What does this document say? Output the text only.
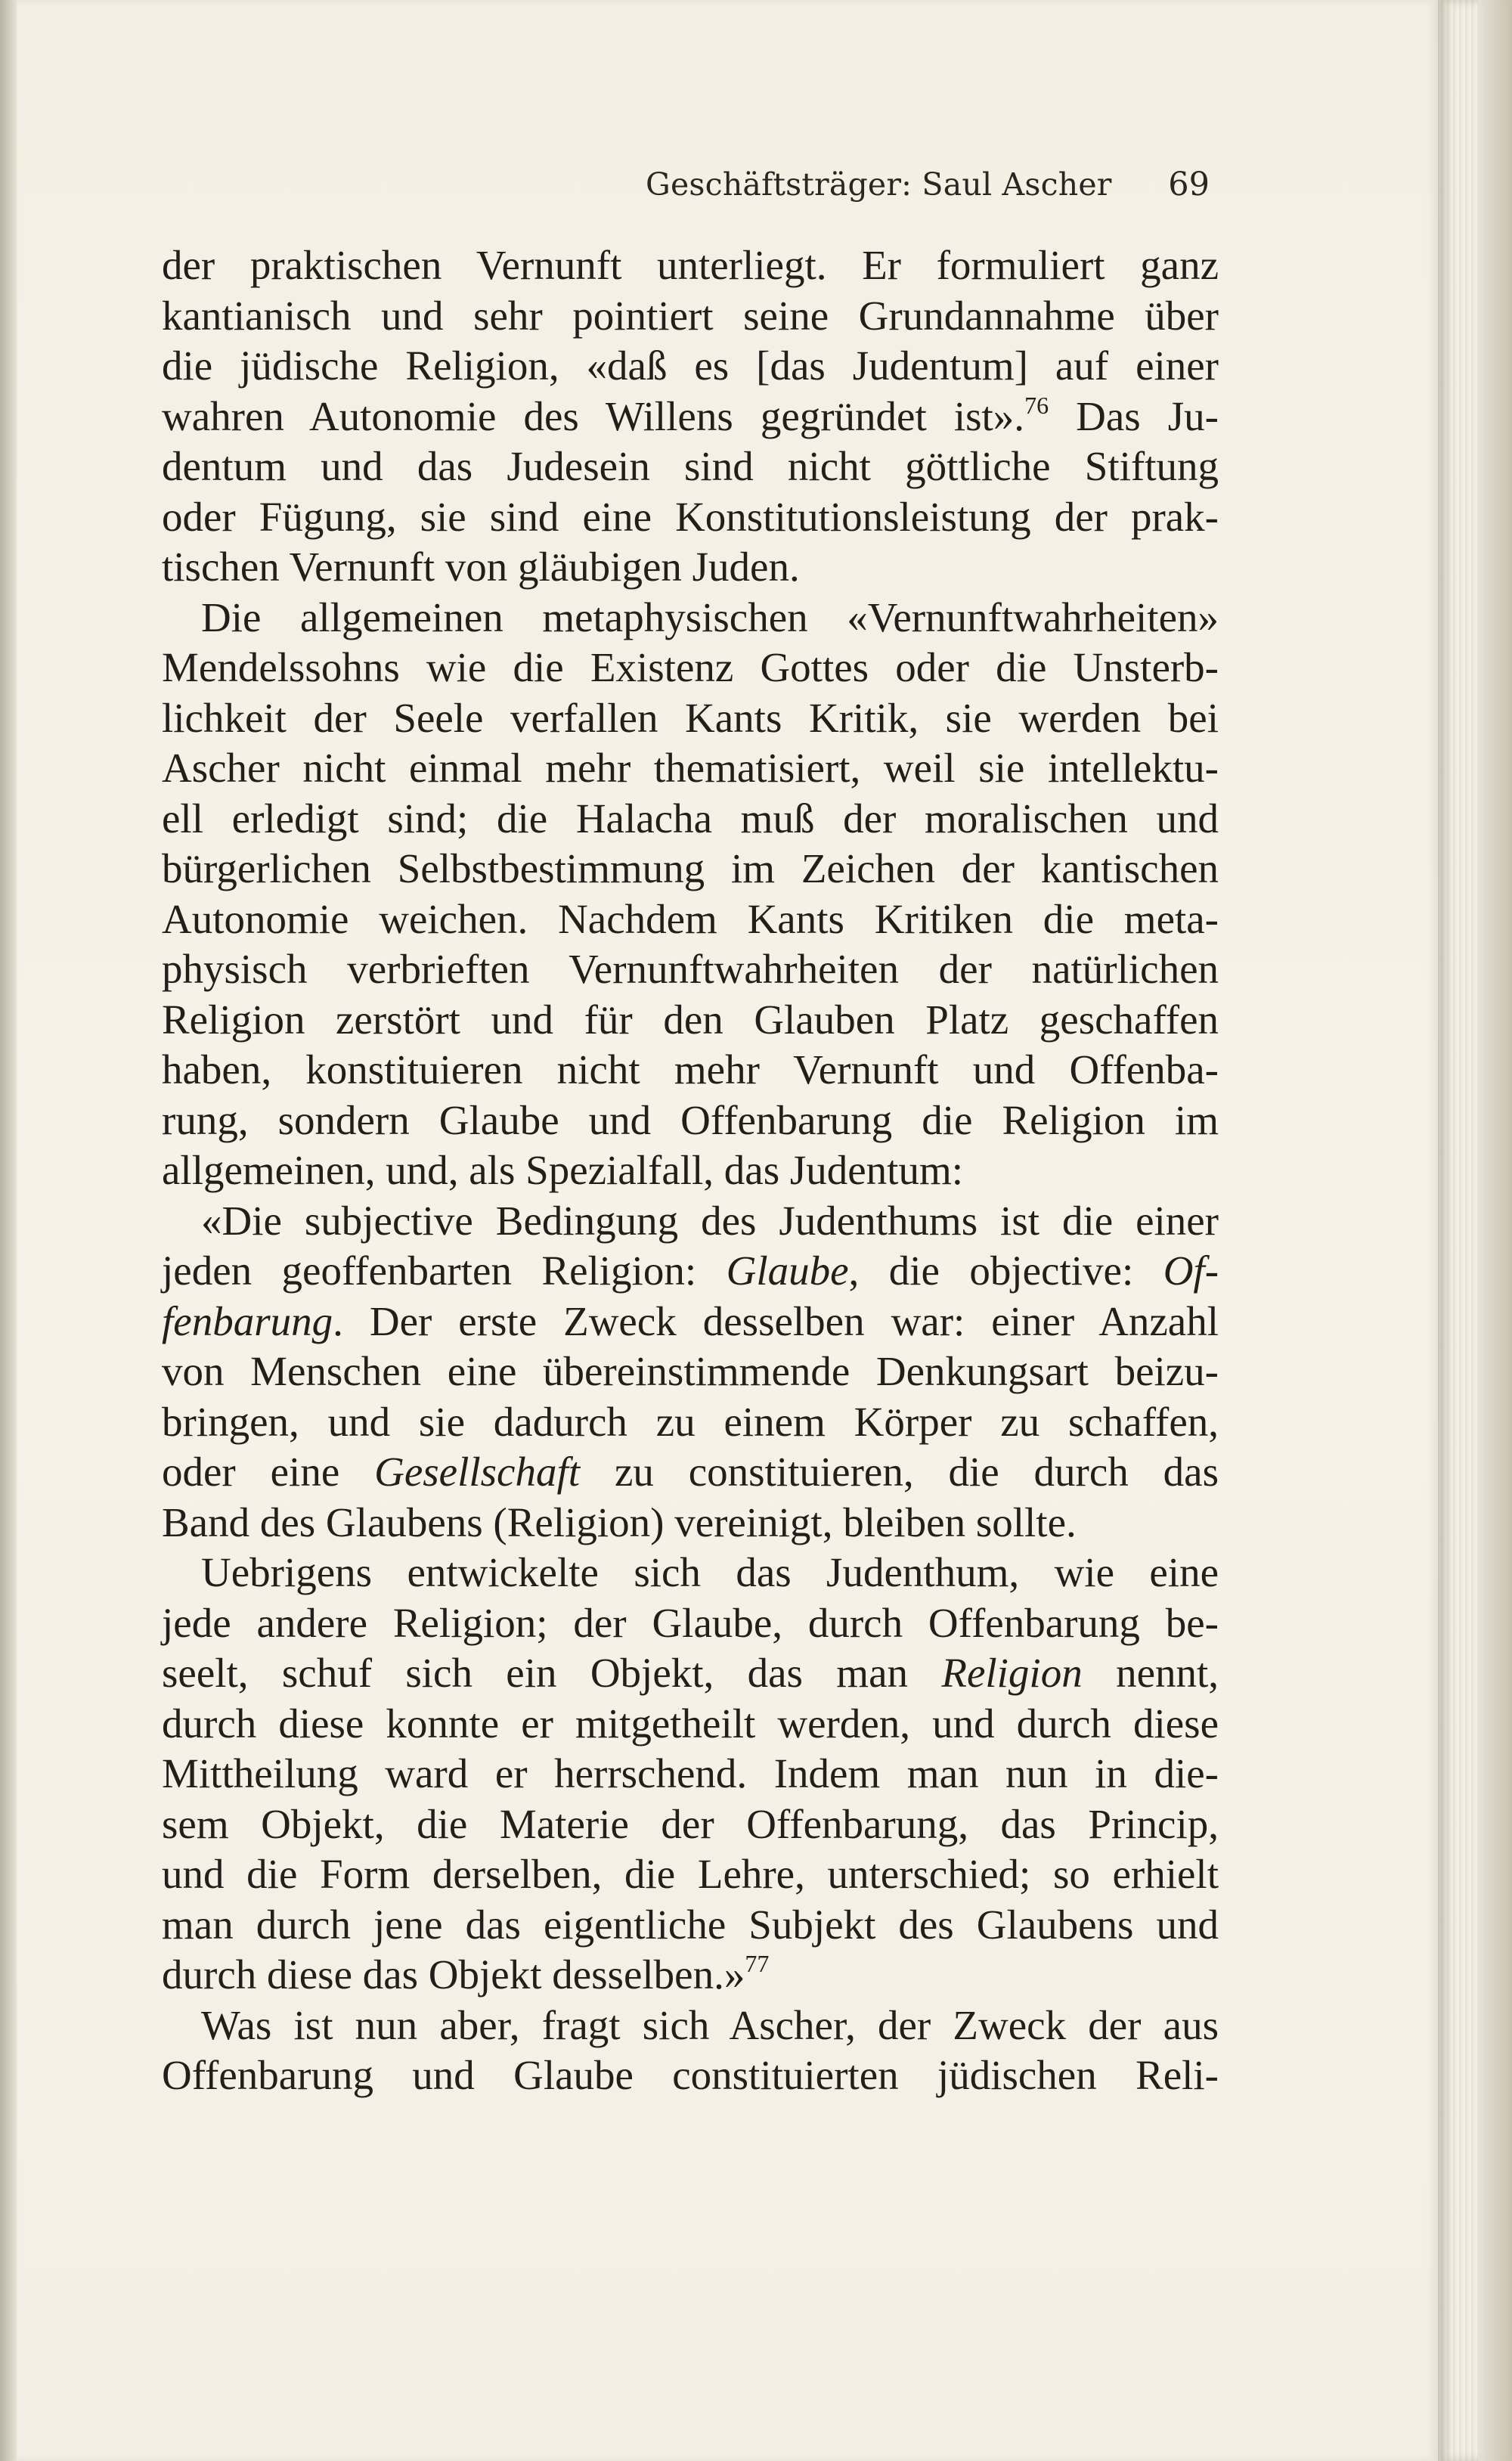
Geschäftsträger: Saul Ascher 69
der praktischen Vernunft unterliegt. Er formuliert ganz
kantianisch und sehr pointiert seine Grundannahme über
die jüdische Religion, «daß es [das Judentum] auf einer
wahren Autonomie des Willens gegründet ist».$^{76}$ Das Ju-
dentum und das Judesein sind nicht göttliche Stiftung
oder Fügung, sie sind eine Konstitutionsleistung der prak-
tischen Vernunft von gläubigen Juden.
Die allgemeinen metaphysischen «Vernunftwahrheiten»
Mendelssohns wie die Existenz Gottes oder die Unsterb-
lichkeit der Seele verfallen Kants Kritik, sie werden bei
Ascher nicht einmal mehr thematisiert, weil sie intellektu-
ell erledigt sind; die Halacha muß der moralischen und
bürgerlichen Selbstbestimmung im Zeichen der kantischen
Autonomie weichen. Nachdem Kants Kritiken die meta-
physisch verbrieften Vernunftwahrheiten der natürlichen
Religion zerstört und für den Glauben Platz geschaffen
haben, konstituieren nicht mehr Vernunft und Offenba-
rung, sondern Glaube und Offenbarung die Religion im
allgemeinen, und, als Spezialfall, das Judentum:
«Die subjective Bedingung des Judenthums ist die einer
jeden geoffenbarten Religion: Glaube, die objective: Of-
fenbarung. Der erste Zweck desselben war: einer Anzahl
von Menschen eine übereinstimmende Denkungsart beizu-
bringen, und sie dadurch zu einem Körper zu schaffen,
oder eine Gesellschaft zu constituieren, die durch das
Band des Glaubens (Religion) vereinigt, bleiben sollte.
Uebrigens entwickelte sich das Judenthum, wie eine
jede andere Religion; der Glaube, durch Offenbarung be-
seelt, schuf sich ein Objekt, das man Religion nennt,
durch diese konnte er mitgetheilt werden, und durch diese
Mittheilung ward er herrschend. Indem man nun in die-
sem Objekt, die Materie der Offenbarung, das Princip,
und die Form derselben, die Lehre, unterschied; so erhielt
man durch jene das eigentliche Subjekt des Glaubens und
durch diese das Objekt desselben.»$^{77}$
Was ist nun aber, fragt sich Ascher, der Zweck der aus
Offenbarung und Glaube constituierten jüdischen Reli-
